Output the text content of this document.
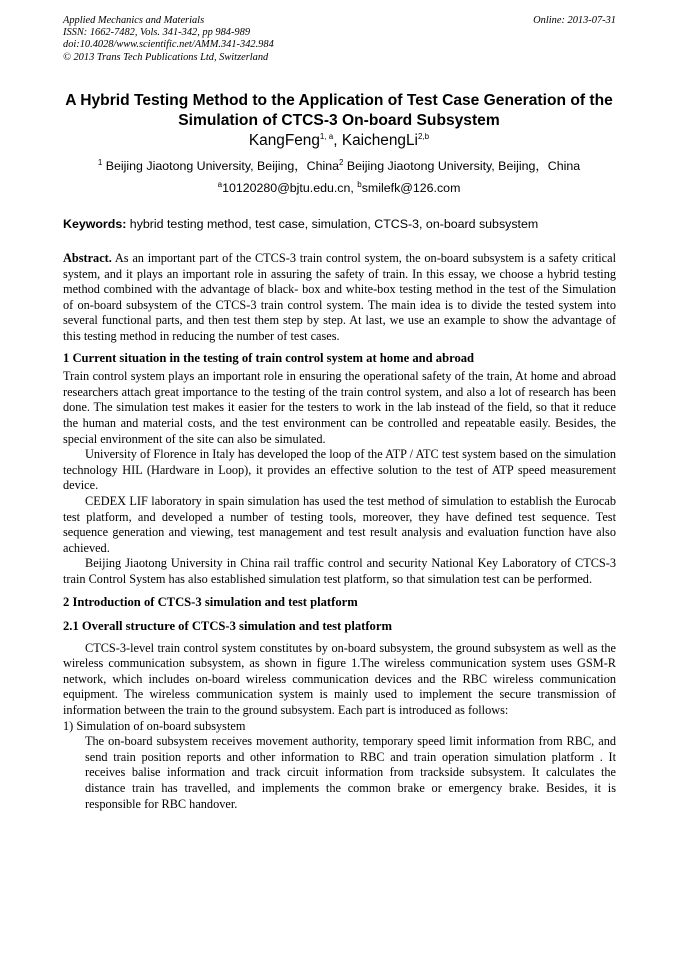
Applied Mechanics and Materials	Online: 2013-07-31
ISSN: 1662-7482, Vols. 341-342, pp 984-989
doi:10.4028/www.scientific.net/AMM.341-342.984
© 2013 Trans Tech Publications Ltd, Switzerland
A Hybrid Testing Method to the Application of Test Case Generation of the Simulation of CTCS-3 On-board Subsystem
KangFeng$^{1, a}$, KaichengLi$^{2,b}$
$^1$ Beijing Jiaotong University, Beijing，China$^2$ Beijing Jiaotong University, Beijing，China
$^a$10120280@bjtu.edu.cn, $^b$smilefk@126.com
Keywords: hybrid testing method, test case, simulation, CTCS-3, on-board subsystem

Abstract. As an important part of the CTCS-3 train control system, the on-board subsystem is a safety critical system, and it plays an important role in assuring the safety of train. In this essay, we choose a hybrid testing method combined with the advantage of black- box and white-box testing method in the test of the Simulation of on-board subsystem of the CTCS-3 train control system. The main idea is to divide the tested system into several functional parts, and then test them step by step. At last, we use an example to show the advantage of this testing method in reducing the number of test cases.

1 Current situation in the testing of train control system at home and abroad

Train control system plays an important role in ensuring the operational safety of the train, At home and abroad researchers attach great importance to the testing of the train control system, and also a lot of research has been done. The simulation test makes it easier for the testers to work in the lab instead of the field, so that it reduce the human and material costs, and the test environment can be controlled and repeatable easily. Besides, the special environment of the site can also be simulated.

University of Florence in Italy has developed the loop of the ATP / ATC test system based on the simulation technology HIL (Hardware in Loop), it provides an effective solution to the test of ATP speed measurement device.

CEDEX LIF laboratory in spain simulation has used the test method of simulation to establish the Eurocab test platform, and developed a number of testing tools, moreover, they have defined test sequence. Test sequence generation and viewing, test management and test result analysis and evaluation function have also achieved.

Beijing Jiaotong University in China rail traffic control and security National Key Laboratory of CTCS-3 train Control System has also established simulation test platform, so that simulation test can be performed.

2 Introduction of CTCS-3 simulation and test platform

2.1 Overall structure of CTCS-3 simulation and test platform

CTCS-3-level train control system constitutes by on-board subsystem, the ground subsystem as well as the wireless communication subsystem, as shown in figure 1.The wireless communication system uses GSM-R network, which includes on-board wireless communication devices and the RBC wireless communication equipment. The wireless communication system is mainly used to implement the secure transmission of information between the train to the ground subsystem. Each part is introduced as follows:

1) Simulation of on-board subsystem

The on-board subsystem receives movement authority, temporary speed limit information from RBC, and send train position reports and other information to RBC and train operation simulation platform . It receives balise information and track circuit information from trackside subsystem. It calculates the distance train has travelled, and implements the common brake or emergency brake. Besides, it is responsible for RBC handover.
